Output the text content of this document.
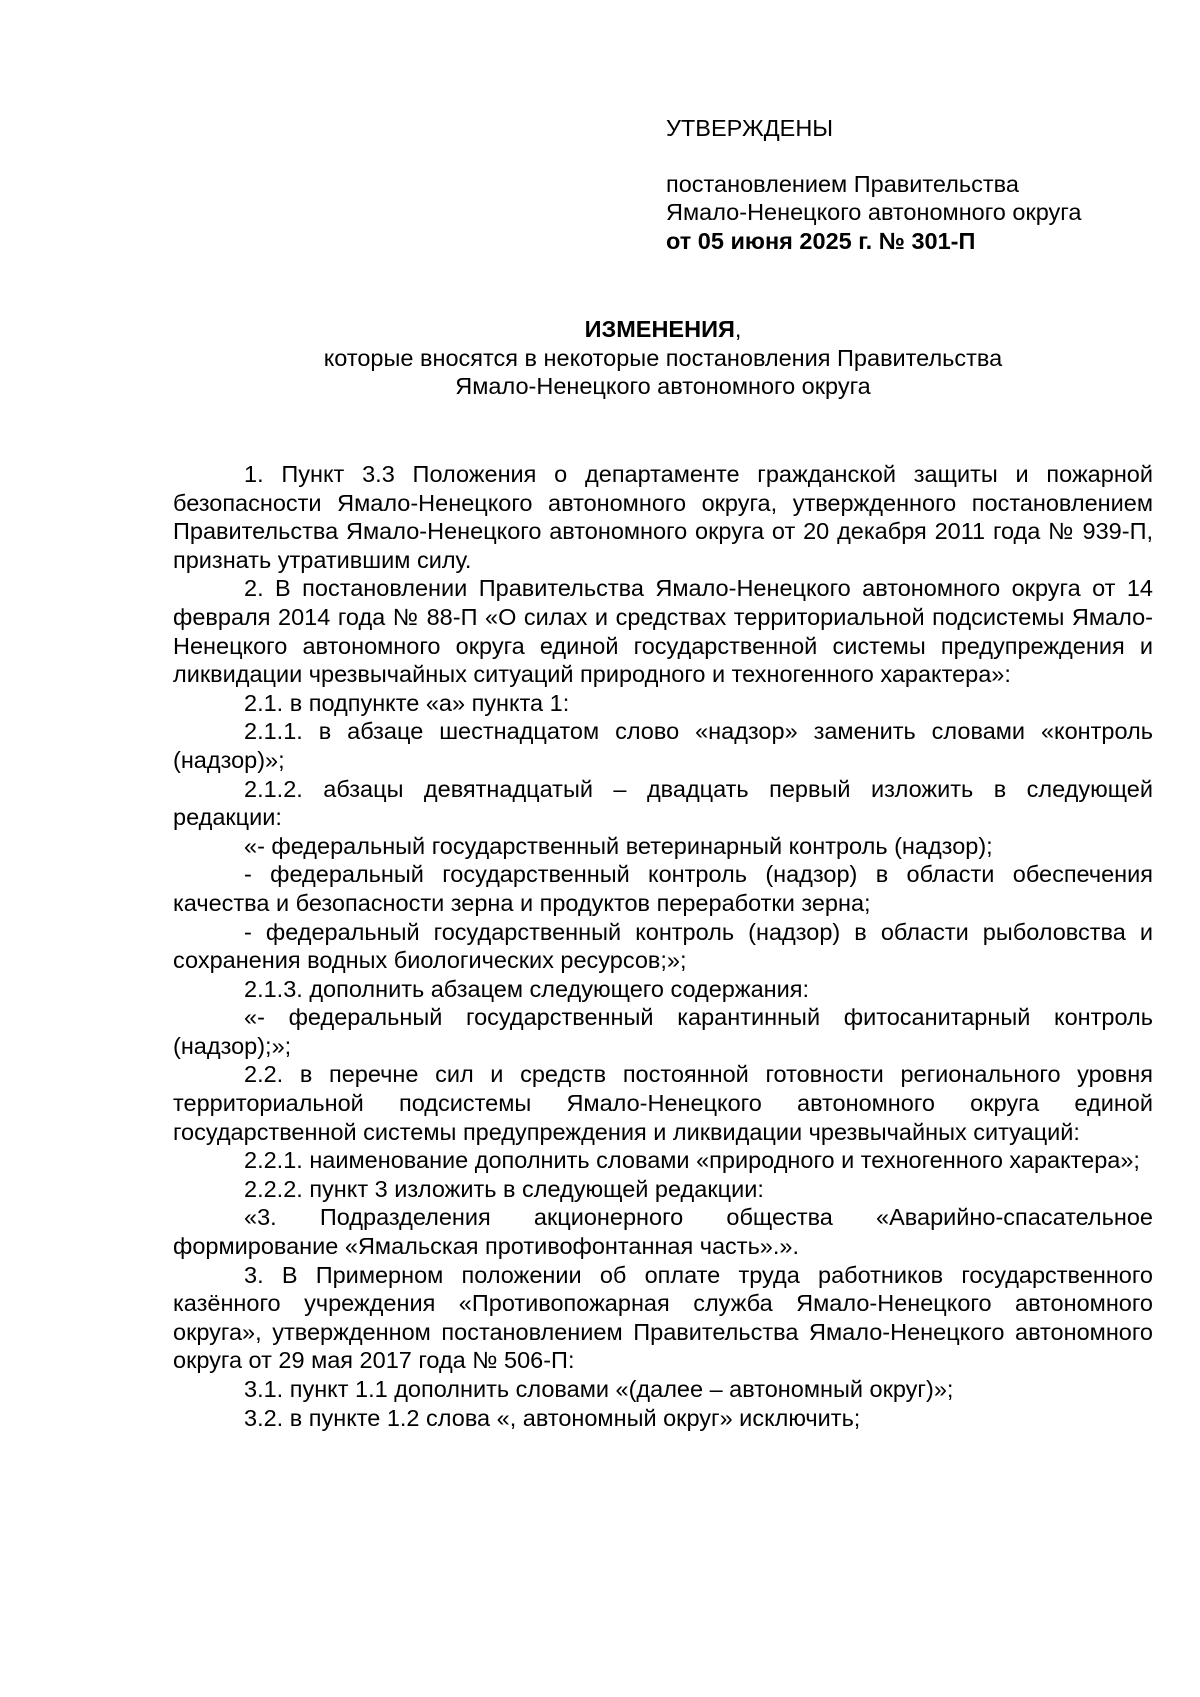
УТВЕРЖДЕНЫ
постановлением Правительства
Ямало-Ненецкого автономного округа
от 05 июня 2025 г. № 301-П
ИЗМЕНЕНИЯ,
которые вносятся в некоторые постановления Правительства
Ямало-Ненецкого автономного округа

1. Пункт 3.3 Положения о департаменте гражданской защиты и пожарной безопасности Ямало-Ненецкого автономного округа, утвержденного постановлением Правительства Ямало-Ненецкого автономного округа от 20 декабря 2011 года № 939-П, признать утратившим силу.

2. В постановлении Правительства Ямало-Ненецкого автономного округа от 14 февраля 2014 года № 88-П «О силах и средствах территориальной подсистемы Ямало-Ненецкого автономного округа единой государственной системы предупреждения и ликвидации чрезвычайных ситуаций природного и техногенного характера»:

2.1. в подпункте «а» пункта 1:

2.1.1. в абзаце шестнадцатом слово «надзор» заменить словами «контроль (надзор)»;

2.1.2. абзацы девятнадцатый – двадцать первый изложить в следующей редакции:

«- федеральный государственный ветеринарный контроль (надзор);

- федеральный государственный контроль (надзор) в области обеспечения качества и безопасности зерна и продуктов переработки зерна;

- федеральный государственный контроль (надзор) в области рыболовства и сохранения водных биологических ресурсов;»;

2.1.3. дополнить абзацем следующего содержания:

«- федеральный государственный карантинный фитосанитарный контроль (надзор);»;

2.2. в перечне сил и средств постоянной готовности регионального уровня территориальной подсистемы Ямало-Ненецкого автономного округа единой государственной системы предупреждения и ликвидации чрезвычайных ситуаций:

2.2.1. наименование дополнить словами «природного и техногенного характера»;

2.2.2. пункт 3 изложить в следующей редакции:

«3. Подразделения акционерного общества «Аварийно-спасательное формирование «Ямальская противофонтанная часть».».

3. В Примерном положении об оплате труда работников государственного казённого учреждения «Противопожарная служба Ямало-Ненецкого автономного округа», утвержденном постановлением Правительства Ямало-Ненецкого автономного округа от 29 мая 2017 года № 506-П:

3.1. пункт 1.1 дополнить словами «(далее – автономный округ)»;

3.2. в пункте 1.2 слова «, автономный округ» исключить;
